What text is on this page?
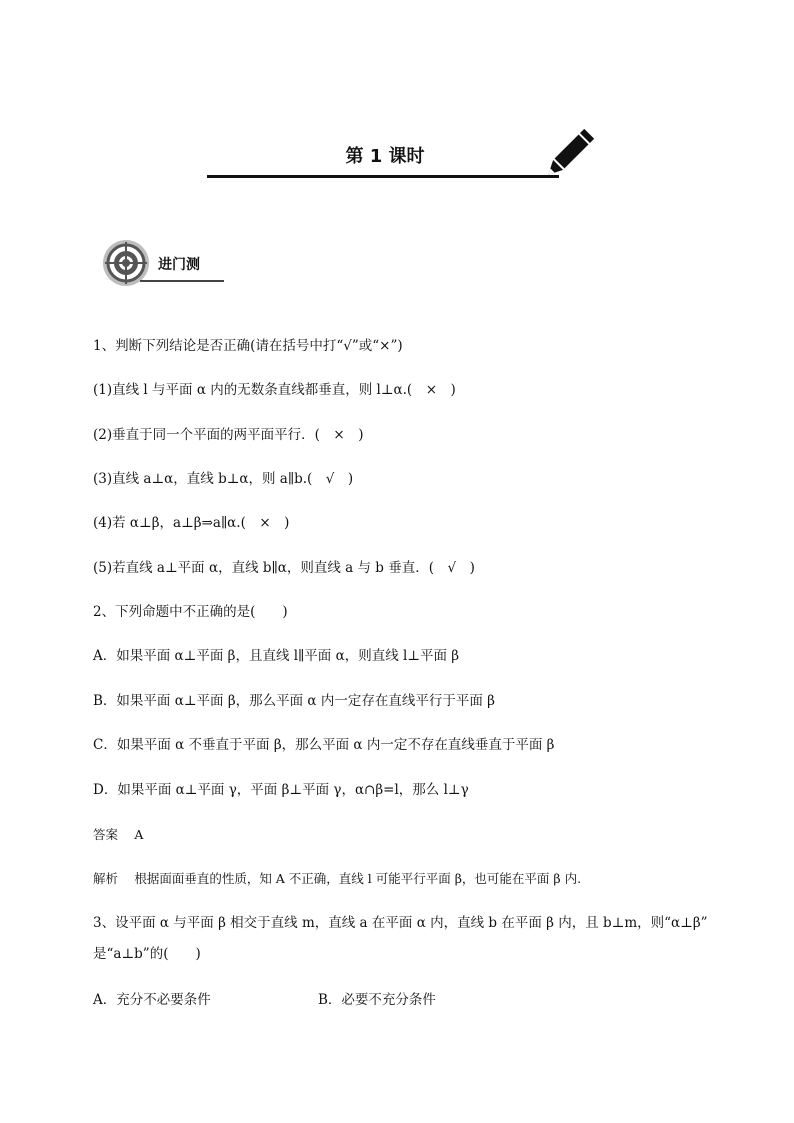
第 1 课时
进门测
1、判断下列结论是否正确(请在括号中打“√”或“×”)
(1)直线 l 与平面 α 内的无数条直线都垂直，则 l⊥α.(　×　)
(2)垂直于同一个平面的两平面平行．(　×　)
(3)直线 a⊥α，直线 b⊥α，则 a∥b.(　√　)
(4)若 α⊥β，a⊥β⇒a∥α.(　×　)
(5)若直线 a⊥平面 α，直线 b∥α，则直线 a 与 b 垂直．(　√　)
2、下列命题中不正确的是(　　)
A．如果平面 α⊥平面 β，且直线 l∥平面 α，则直线 l⊥平面 β
B．如果平面 α⊥平面 β，那么平面 α 内一定存在直线平行于平面 β
C．如果平面 α 不垂直于平面 β，那么平面 α 内一定不存在直线垂直于平面 β
D．如果平面 α⊥平面 γ，平面 β⊥平面 γ，α∩β=l，那么 l⊥γ
答案 A
解析 根据面面垂直的性质，知 A 不正确，直线 l 可能平行平面 β，也可能在平面 β 内.
3、设平面 α 与平面 β 相交于直线 m，直线 a 在平面 α 内，直线 b 在平面 β 内，且 b⊥m，则“α⊥β”
是“a⊥b”的(　　)
A．充分不必要条件	B．必要不充分条件
